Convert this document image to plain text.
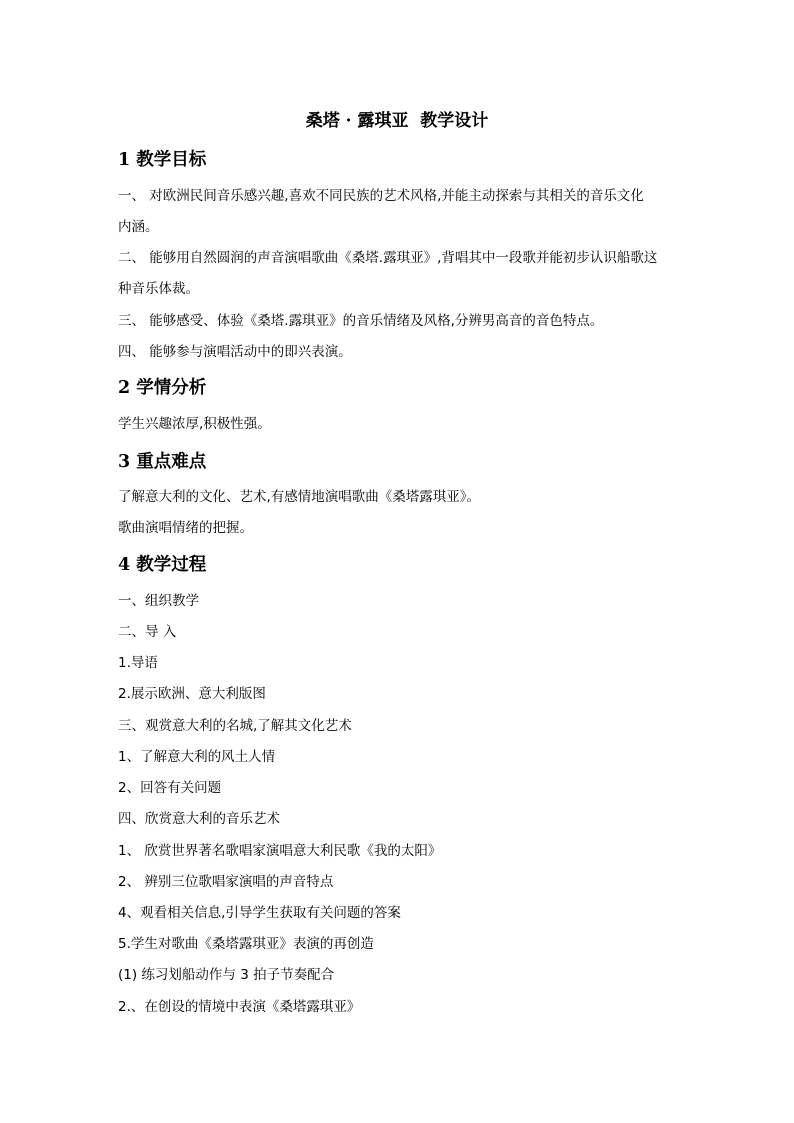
桑塔 · 露琪亚  教学设计
1 教学目标
一、 对欧洲民间音乐感兴趣,喜欢不同民族的艺术风格,并能主动探索与其相关的音乐文化
内涵。
二、 能够用自然圆润的声音演唱歌曲《桑塔.露琪亚》,背唱其中一段歌并能初步认识船歌这
种音乐体裁。
三、 能够感受、体验《桑塔.露琪亚》的音乐情绪及风格,分辨男高音的音色特点。
四、 能够参与演唱活动中的即兴表演。
2 学情分析
学生兴趣浓厚,积极性强。
3 重点难点
了解意大利的文化、艺术,有感情地演唱歌曲《桑塔露琪亚》。
歌曲演唱情绪的把握。
4 教学过程
一、组织教学
二、导 入
1.导语
2.展示欧洲、意大利版图
三、观赏意大利的名城,了解其文化艺术
1、了解意大利的风土人情
2、回答有关问题
四、欣赏意大利的音乐艺术
1、 欣赏世界著名歌唱家演唱意大利民歌《我的太阳》
2、 辨别三位歌唱家演唱的声音特点
4、观看相关信息,引导学生获取有关问题的答案
5.学生对歌曲《桑塔露琪亚》表演的再创造
(1) 练习划船动作与 3 拍子节奏配合
2.、在创设的情境中表演《桑塔露琪亚》
